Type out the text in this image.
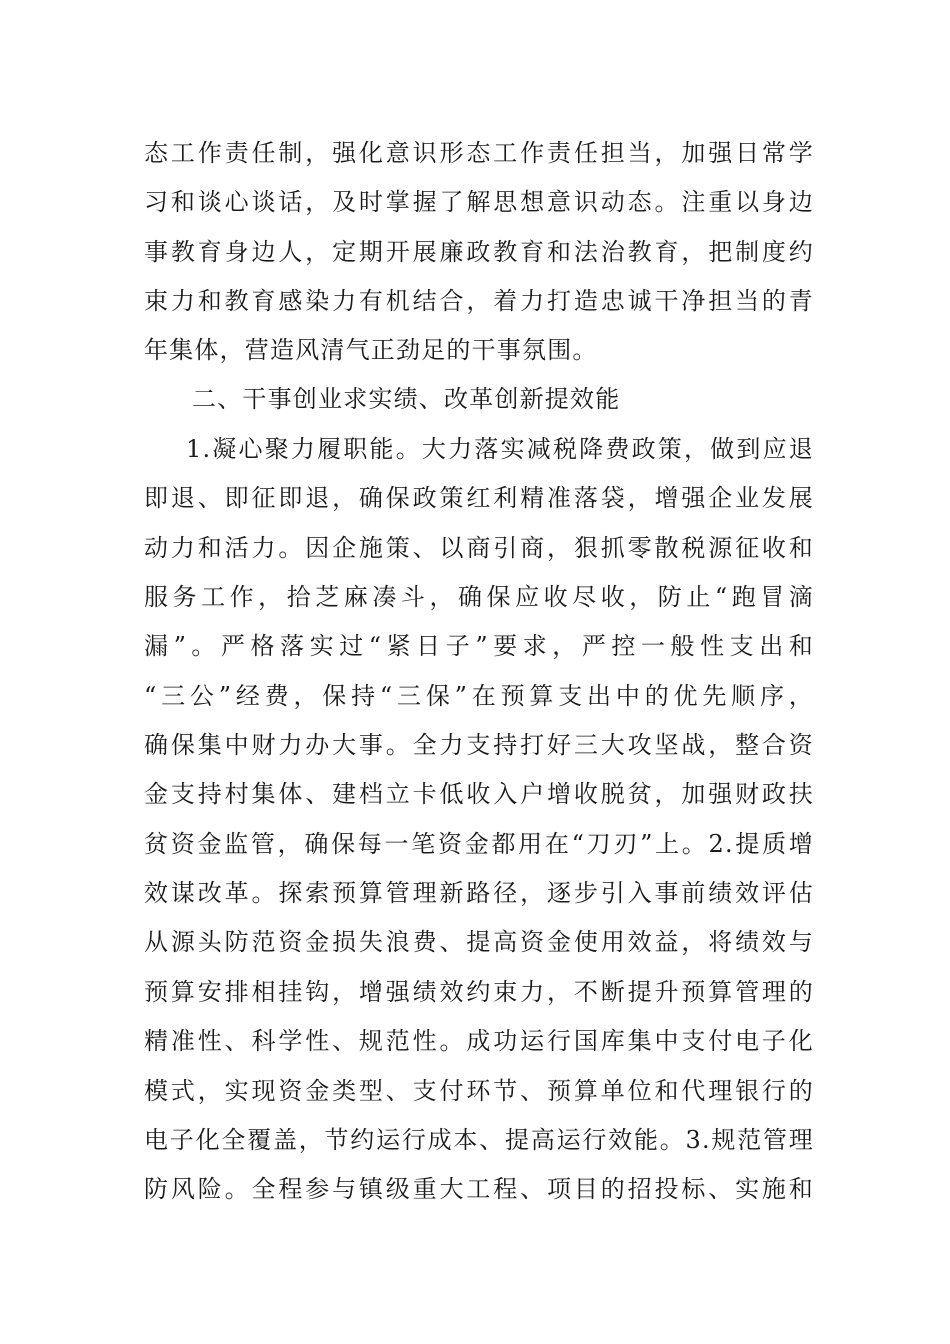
态工作责任制，强化意识形态工作责任担当，加强日常学
习和谈心谈话，及时掌握了解思想意识动态。注重以身边
事教育身边人，定期开展廉政教育和法治教育，把制度约
束力和教育感染力有机结合，着力打造忠诚干净担当的青
年集体，营造风清气正劲足的干事氛围。
二、干事创业求实绩、改革创新提效能
1.凝心聚力履职能。大力落实减税降费政策，做到应退
即退、即征即退，确保政策红利精准落袋，增强企业发展
动力和活力。因企施策、以商引商，狠抓零散税源征收和
服务工作，拾芝麻凑斗，确保应收尽收，防止“跑冒滴
漏”。严格落实过“紧日子”要求，严控一般性支出和
“三公”经费，保持“三保”在预算支出中的优先顺序，
确保集中财力办大事。全力支持打好三大攻坚战，整合资
金支持村集体、建档立卡低收入户增收脱贫，加强财政扶
贫资金监管，确保每一笔资金都用在“刀刃”上。2.提质增
效谋改革。探索预算管理新路径，逐步引入事前绩效评估
从源头防范资金损失浪费、提高资金使用效益，将绩效与
预算安排相挂钩，增强绩效约束力，不断提升预算管理的
精准性、科学性、规范性。成功运行国库集中支付电子化
模式，实现资金类型、支付环节、预算单位和代理银行的
电子化全覆盖，节约运行成本、提高运行效能。3.规范管理
防风险。全程参与镇级重大工程、项目的招投标、实施和
